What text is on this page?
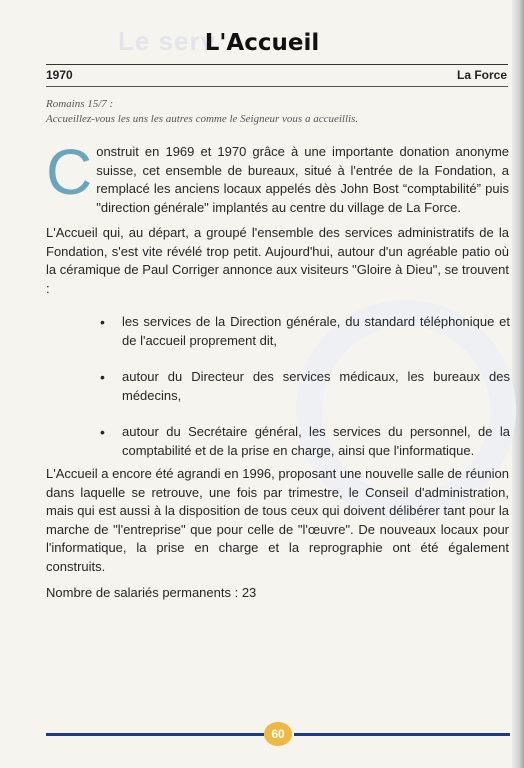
Le serv
L'Accueil
1970	La Force

Romains 15/7 :

Accueillez-vous les uns les autres comme le Seigneur vous a accueillis.

C onstruit en 1969 et 1970 grâce à une importante donation anonyme suisse, cet ensemble de bureaux, situé à l'entrée de la Fondation, a remplacé les anciens locaux appelés dès John Bost “comptabilité” puis "direction générale" implantés au centre du village de La Force.

L'Accueil qui, au départ, a groupé l'ensemble des services administratifs de la Fondation, s'est vite révélé trop petit. Aujourd'hui, autour d'un agréable patio où la céramique de Paul Corriger annonce aux visiteurs "Gloire à Dieu", se trouvent :

• les services de la Direction générale, du standard téléphonique et de l'accueil proprement dit,
• autour du Directeur des services médicaux, les bureaux des médecins,
• autour du Secrétaire général, les services du personnel, de la comptabilité et de la prise en charge, ainsi que l'informatique.

L'Accueil a encore été agrandi en 1996, proposant une nouvelle salle de réunion dans laquelle se retrouve, une fois par trimestre, le Conseil d'administration, mais qui est aussi à la disposition de tous ceux qui doivent délibérer tant pour la marche de "l'entreprise" que pour celle de "l'œuvre". De nouveaux locaux pour l'informatique, la prise en charge et la reprographie ont été également construits.

Nombre de salariés permanents : 23

60
